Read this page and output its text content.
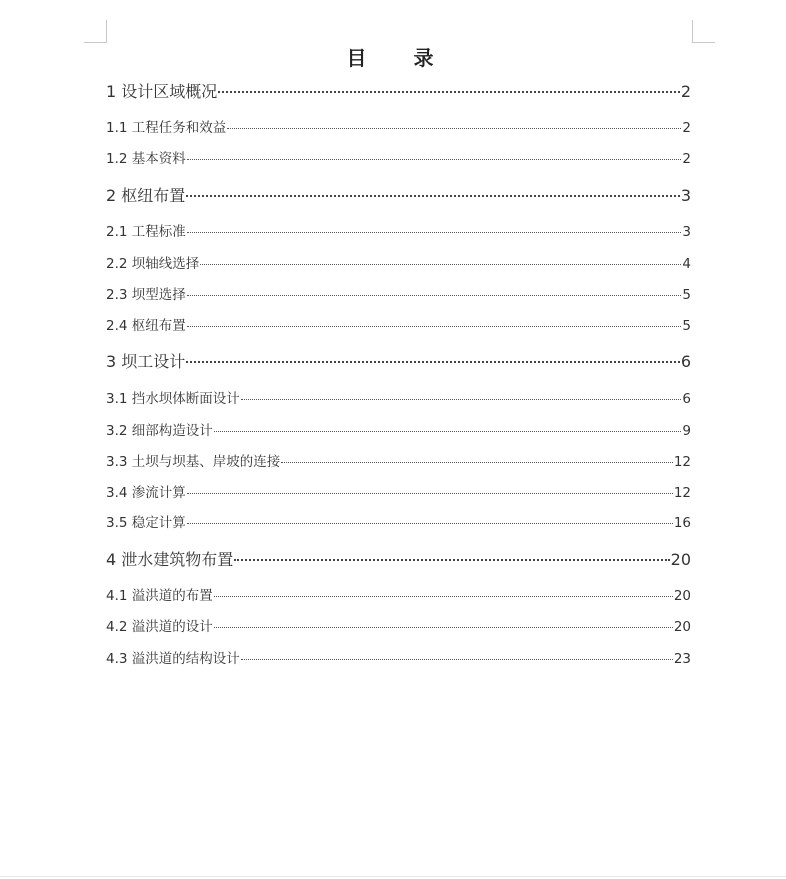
目 录
1 设计区域概况	2
1.1 工程任务和效益	2
1.2 基本资料	2
2 枢纽布置	3
2.1 工程标准	3
2.2 坝轴线选择	4
2.3 坝型选择	5
2.4 枢纽布置	5
3 坝工设计	6
3.1 挡水坝体断面设计	6
3.2 细部构造设计	9
3.3 土坝与坝基、岸坡的连接	12
3.4 渗流计算	12
3.5 稳定计算	16
4 泄水建筑物布置	20
4.1 溢洪道的布置	20
4.2 溢洪道的设计	20
4.3 溢洪道的结构设计	23
